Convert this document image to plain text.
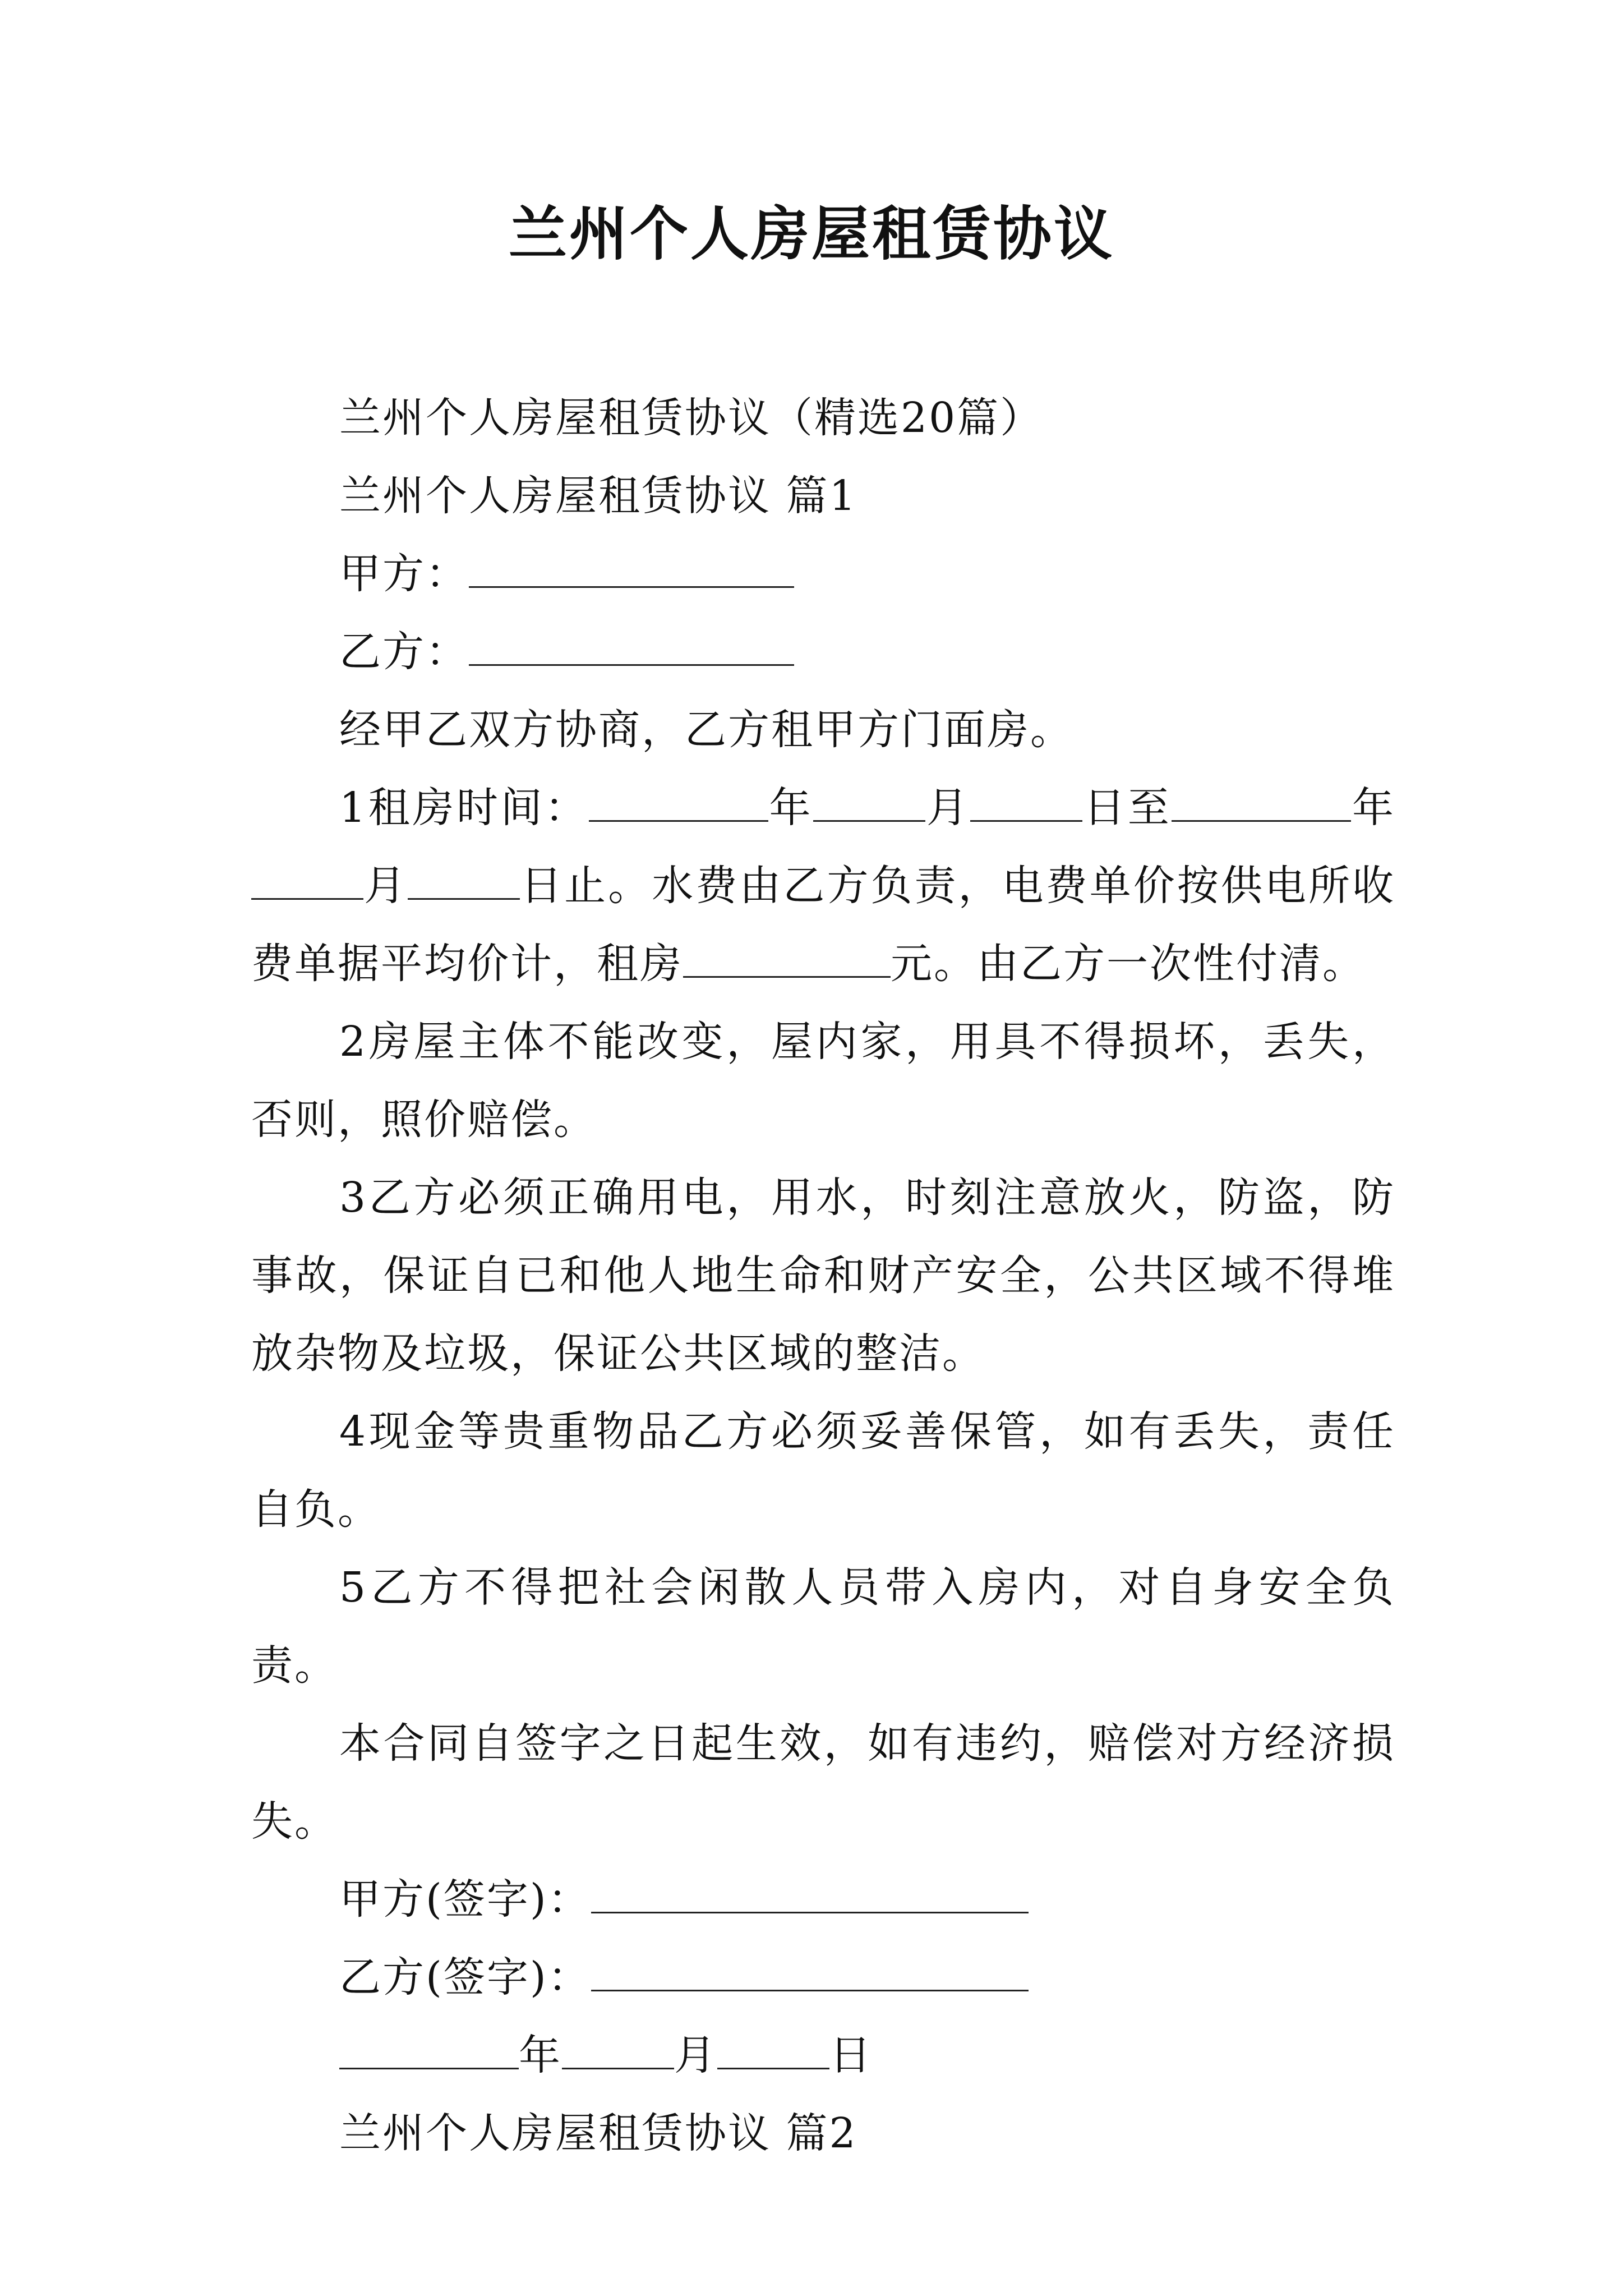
兰州个人房屋租赁协议

兰州个人房屋租赁协议（精选20篇）

兰州个人房屋租赁协议 篇1

甲方：

乙方：

经甲乙双方协商，乙方租甲方门面房。

1租房时间：	年	月	日至	年月	日止。水费由乙方负责，电费单价按供电所收费单据平均价计，租房	元。由乙方一次性付清。

2房屋主体不能改变，屋内家，用具不得损坏，丢失，否则，照价赔偿。

3乙方必须正确用电，用水，时刻注意放火，防盗，防事故，保证自已和他人地生命和财产安全，公共区域不得堆放杂物及垃圾，保证公共区域的整洁。

4现金等贵重物品乙方必须妥善保管，如有丢失，责任自负。

5乙方不得把社会闲散人员带入房内，对自身安全负责。

本合同自签字之日起生效，如有违约，赔偿对方经济损失。

甲方(签字)：

乙方(签字)：

年	月	日

兰州个人房屋租赁协议 篇2
